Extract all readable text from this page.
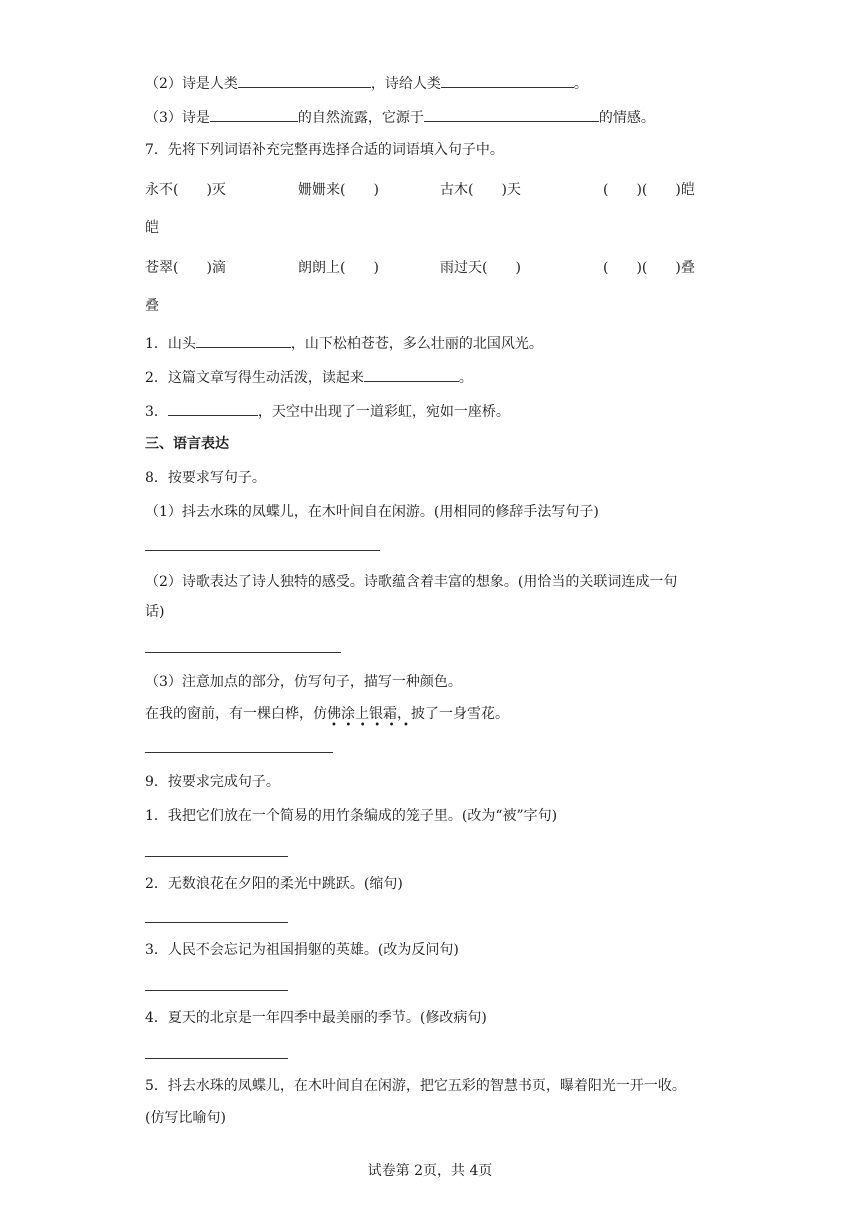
（2）诗是人类	，诗给人类	。
（3）诗是	的自然流露，它源于	的情感。
7．先将下列词语补充完整再选择合适的词语填入句子中。
永不(　　)灭	姗姗来(　　)	古木(　　)天	(　　)(　　)皑
皑
苍翠(　　)滴	朗朗上(　　)	雨过天(　　)	(　　)(　　)叠
叠
1．山头	，山下松柏苍苍，多么壮丽的北国风光。
2．这篇文章写得生动活泼，读起来	。
3．	，天空中出现了一道彩虹，宛如一座桥。
三、语言表达
8．按要求写句子。
（1）抖去水珠的凤蝶儿，在木叶间自在闲游。(用相同的修辞手法写句子)
（2）诗歌表达了诗人独特的感受。诗歌蕴含着丰富的想象。(用恰当的关联词连成一句
话)
（3）注意加点的部分，仿写句子，描写一种颜色。
在我的窗前，有一棵白桦，仿佛涂上银霜，披了一身雪花。
••••••
9．按要求完成句子。
1．我把它们放在一个简易的用竹条编成的笼子里。(改为“被”字句)
2．无数浪花在夕阳的柔光中跳跃。(缩句)
3．人民不会忘记为祖国捐躯的英雄。(改为反问句)
4．夏天的北京是一年四季中最美丽的季节。(修改病句)
5．抖去水珠的凤蝶儿，在木叶间自在闲游，把它五彩的智慧书页，曝着阳光一开一收。
(仿写比喻句)
试卷第 2页，共 4页
